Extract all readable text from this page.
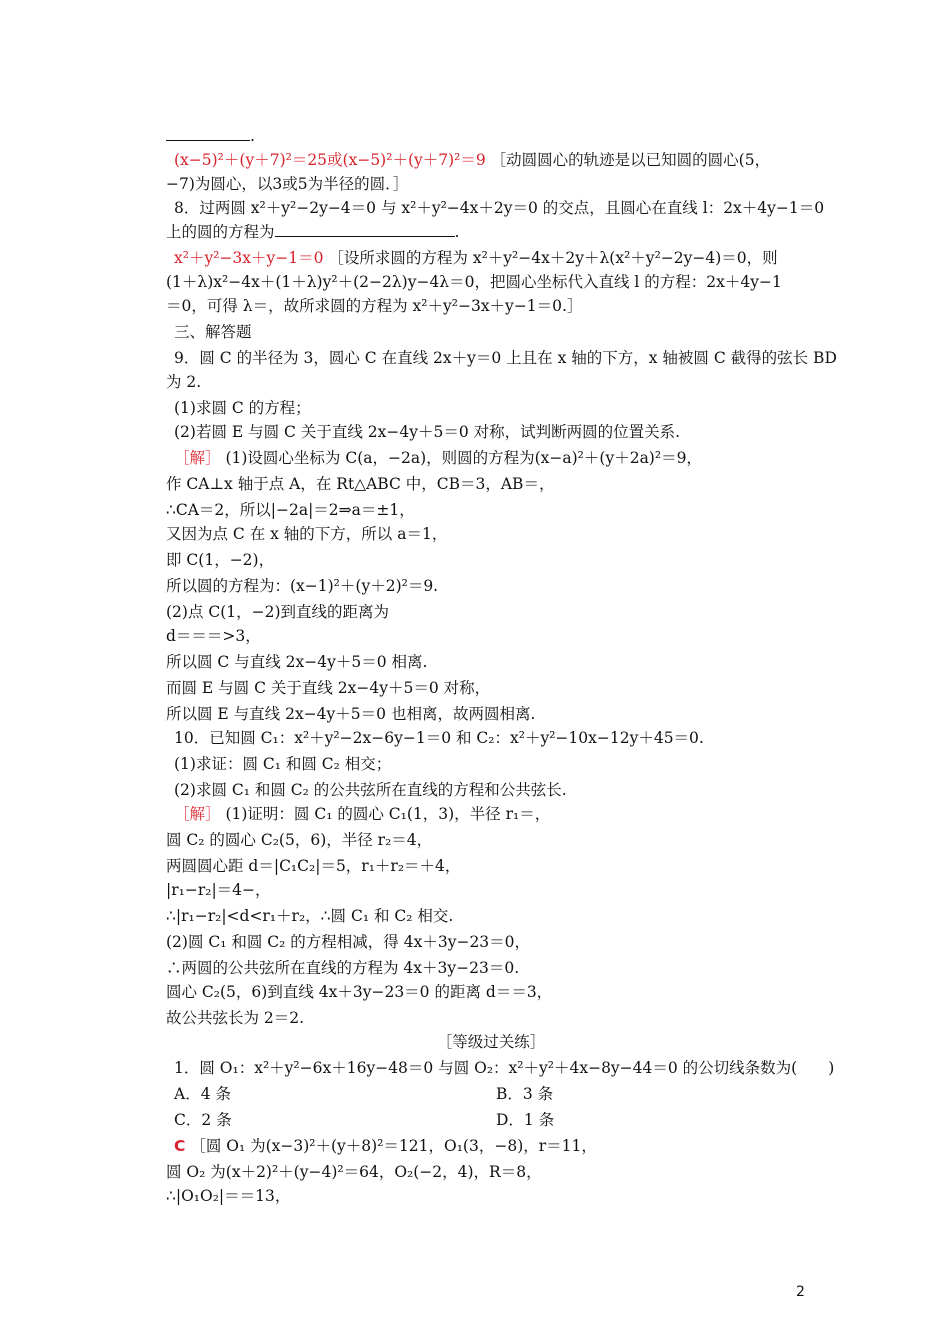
.
(x−5)²＋(y＋7)²＝25或(x−5)²＋(y＋7)²＝9 ［动圆圆心的轨迹是以已知圆的圆心(5，
−7)为圆心，以3或5为半径的圆．］
8．过两圆 x²＋y²−2y−4＝0 与 x²＋y²−4x＋2y＝0 的交点，且圆心在直线 l：2x＋4y−1＝0
上的圆的方程为	.
x²＋y²−3x＋y−1＝0 ［设所求圆的方程为 x²＋y²−4x＋2y＋λ(x²＋y²−2y−4)＝0，则
(1＋λ)x²−4x＋(1＋λ)y²＋(2−2λ)y−4λ＝0，把圆心坐标代入直线 l 的方程：2x＋4y−1
＝0，可得 λ＝，故所求圆的方程为 x²＋y²−3x＋y−1＝0.］
三、解答题
9．圆 C 的半径为 3，圆心 C 在直线 2x＋y＝0 上且在 x 轴的下方，x 轴被圆 C 截得的弦长 BD
为 2.
(1)求圆 C 的方程；
(2)若圆 E 与圆 C 关于直线 2x−4y＋5＝0 对称，试判断两圆的位置关系.
［解］ (1)设圆心坐标为 C(a，−2a)，则圆的方程为(x−a)²＋(y＋2a)²＝9，
作 CA⊥x 轴于点 A，在 Rt△ABC 中，CB＝3，AB＝，
∴CA＝2，所以|−2a|＝2⇒a＝±1，
又因为点 C 在 x 轴的下方，所以 a＝1，
即 C(1，−2)，
所以圆的方程为：(x−1)²＋(y＋2)²＝9.
(2)点 C(1，−2)到直线的距离为
d＝＝＝>3，
所以圆 C 与直线 2x−4y＋5＝0 相离.
而圆 E 与圆 C 关于直线 2x−4y＋5＝0 对称，
所以圆 E 与直线 2x−4y＋5＝0 也相离，故两圆相离.
10．已知圆 C₁：x²＋y²−2x−6y−1＝0 和 C₂：x²＋y²−10x−12y＋45＝0.
(1)求证：圆 C₁ 和圆 C₂ 相交；
(2)求圆 C₁ 和圆 C₂ 的公共弦所在直线的方程和公共弦长.
［解］ (1)证明：圆 C₁ 的圆心 C₁(1，3)，半径 r₁＝，
圆 C₂ 的圆心 C₂(5，6)，半径 r₂＝4，
两圆圆心距 d＝|C₁C₂|＝5，r₁＋r₂＝＋4，
|r₁−r₂|＝4−，
∴|r₁−r₂|<d<r₁＋r₂，∴圆 C₁ 和 C₂ 相交.
(2)圆 C₁ 和圆 C₂ 的方程相减，得 4x＋3y−23＝0，
∴两圆的公共弦所在直线的方程为 4x＋3y−23＝0.
圆心 C₂(5，6)到直线 4x＋3y−23＝0 的距离 d＝＝3，
故公共弦长为 2＝2.
［等级过关练］
1．圆 O₁：x²＋y²−6x＋16y−48＝0 与圆 O₂：x²＋y²＋4x−8y−44＝0 的公切线条数为(　　)
A．4 条	B．3 条
C．2 条	D．1 条
C ［圆 O₁ 为(x−3)²＋(y＋8)²＝121，O₁(3，−8)，r＝11，
圆 O₂ 为(x＋2)²＋(y−4)²＝64，O₂(−2，4)，R＝8，
∴|O₁O₂|＝＝13，
2
